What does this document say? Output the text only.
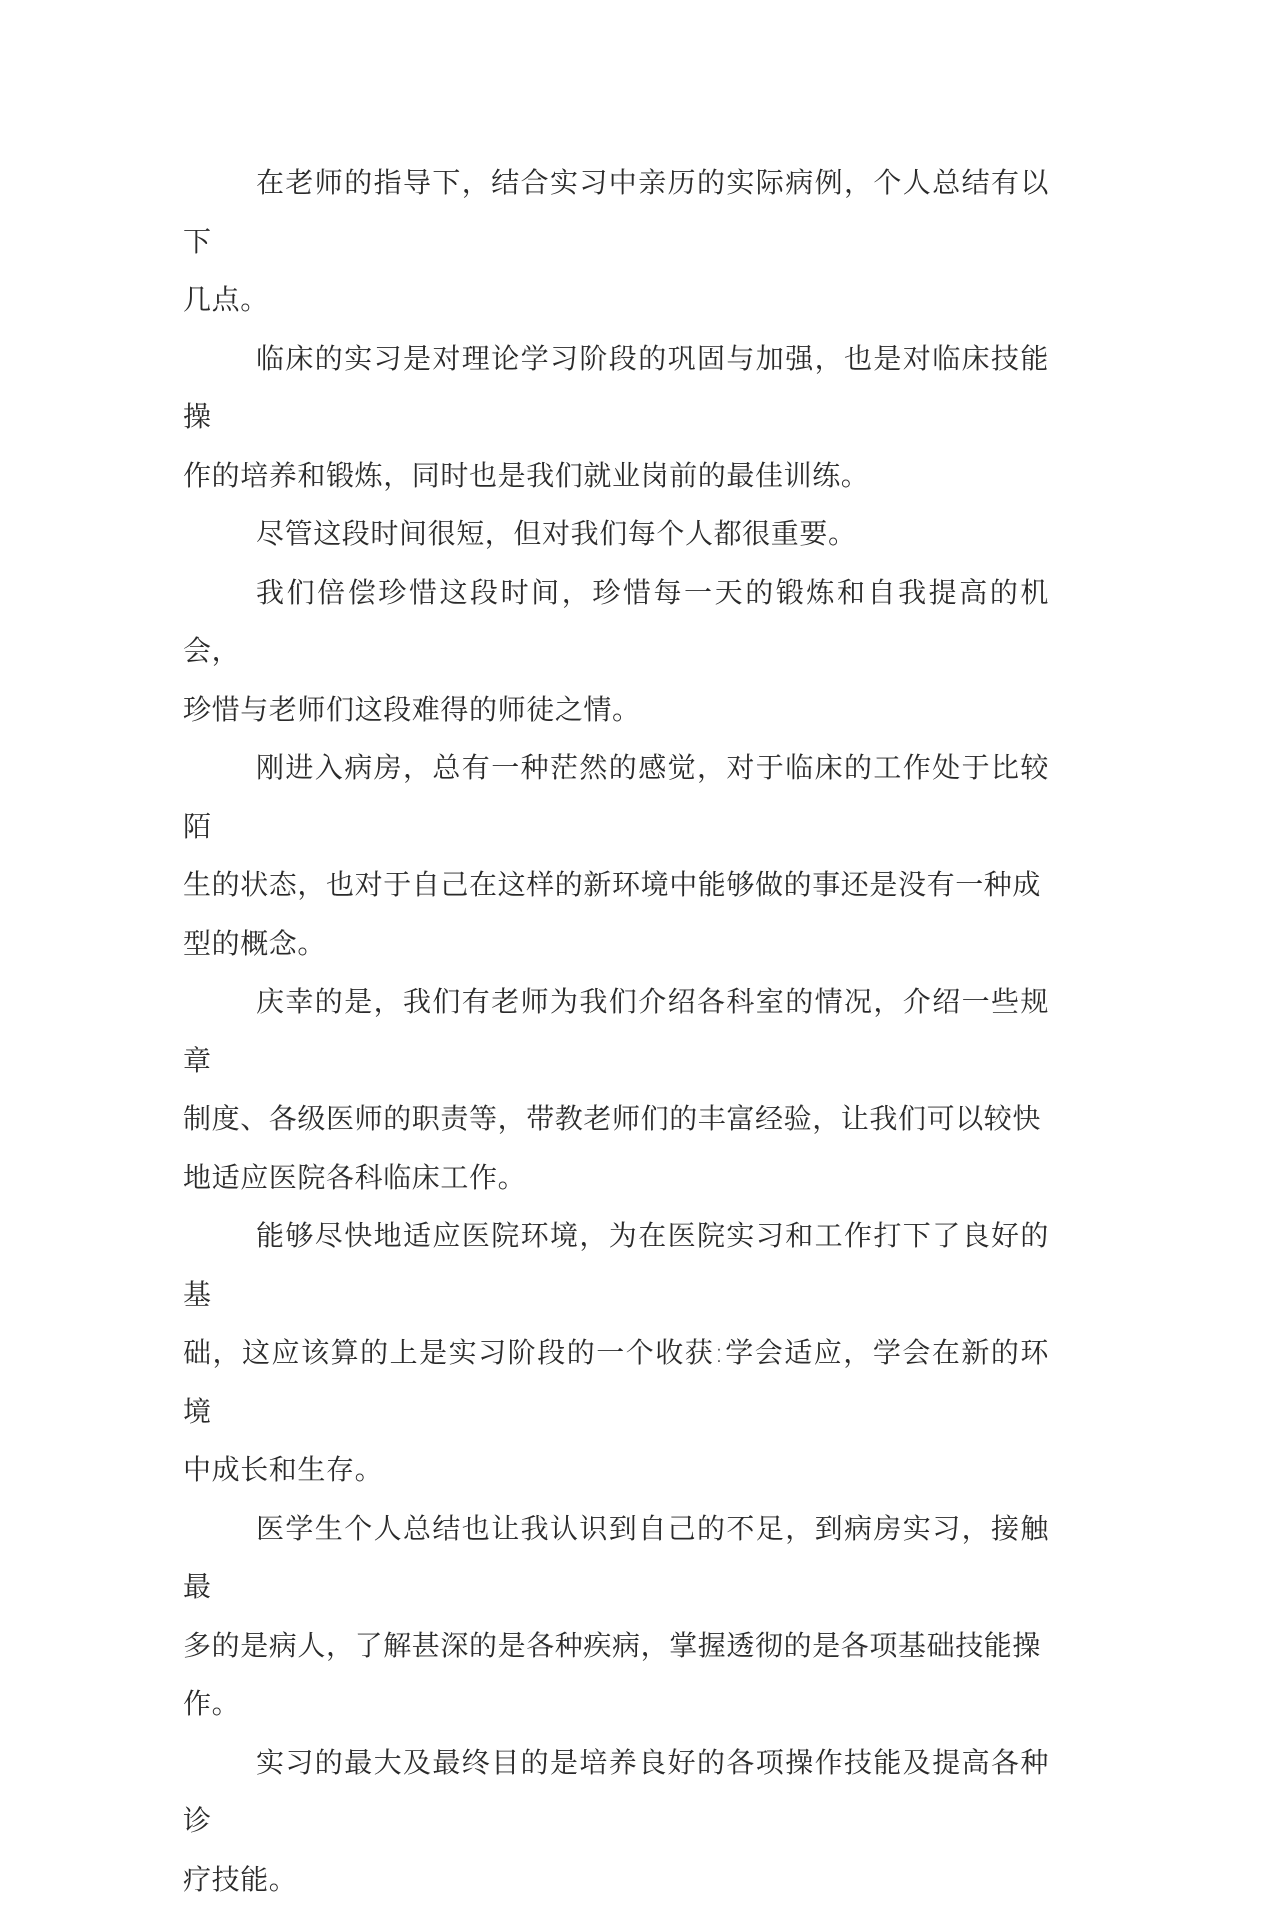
在老师的指导下，结合实习中亲历的实际病例，个人总结有以下
几点。

临床的实习是对理论学习阶段的巩固与加强，也是对临床技能操
作的培养和锻炼，同时也是我们就业岗前的最佳训练。

尽管这段时间很短，但对我们每个人都很重要。

我们倍偿珍惜这段时间，珍惜每一天的锻炼和自我提高的机会，
珍惜与老师们这段难得的师徒之情。

刚进入病房，总有一种茫然的感觉，对于临床的工作处于比较陌
生的状态，也对于自己在这样的新环境中能够做的事还是没有一种成
型的概念。

庆幸的是，我们有老师为我们介绍各科室的情况，介绍一些规章
制度、各级医师的职责等，带教老师们的丰富经验，让我们可以较快
地适应医院各科临床工作。

能够尽快地适应医院环境，为在医院实习和工作打下了良好的基
础，这应该算的上是实习阶段的一个收获:学会适应，学会在新的环境
中成长和生存。

医学生个人总结也让我认识到自己的不足，到病房实习，接触最
多的是病人，了解甚深的是各种疾病，掌握透彻的是各项基础技能操
作。

实习的最大及最终目的是培养良好的各项操作技能及提高各种诊
疗技能。
